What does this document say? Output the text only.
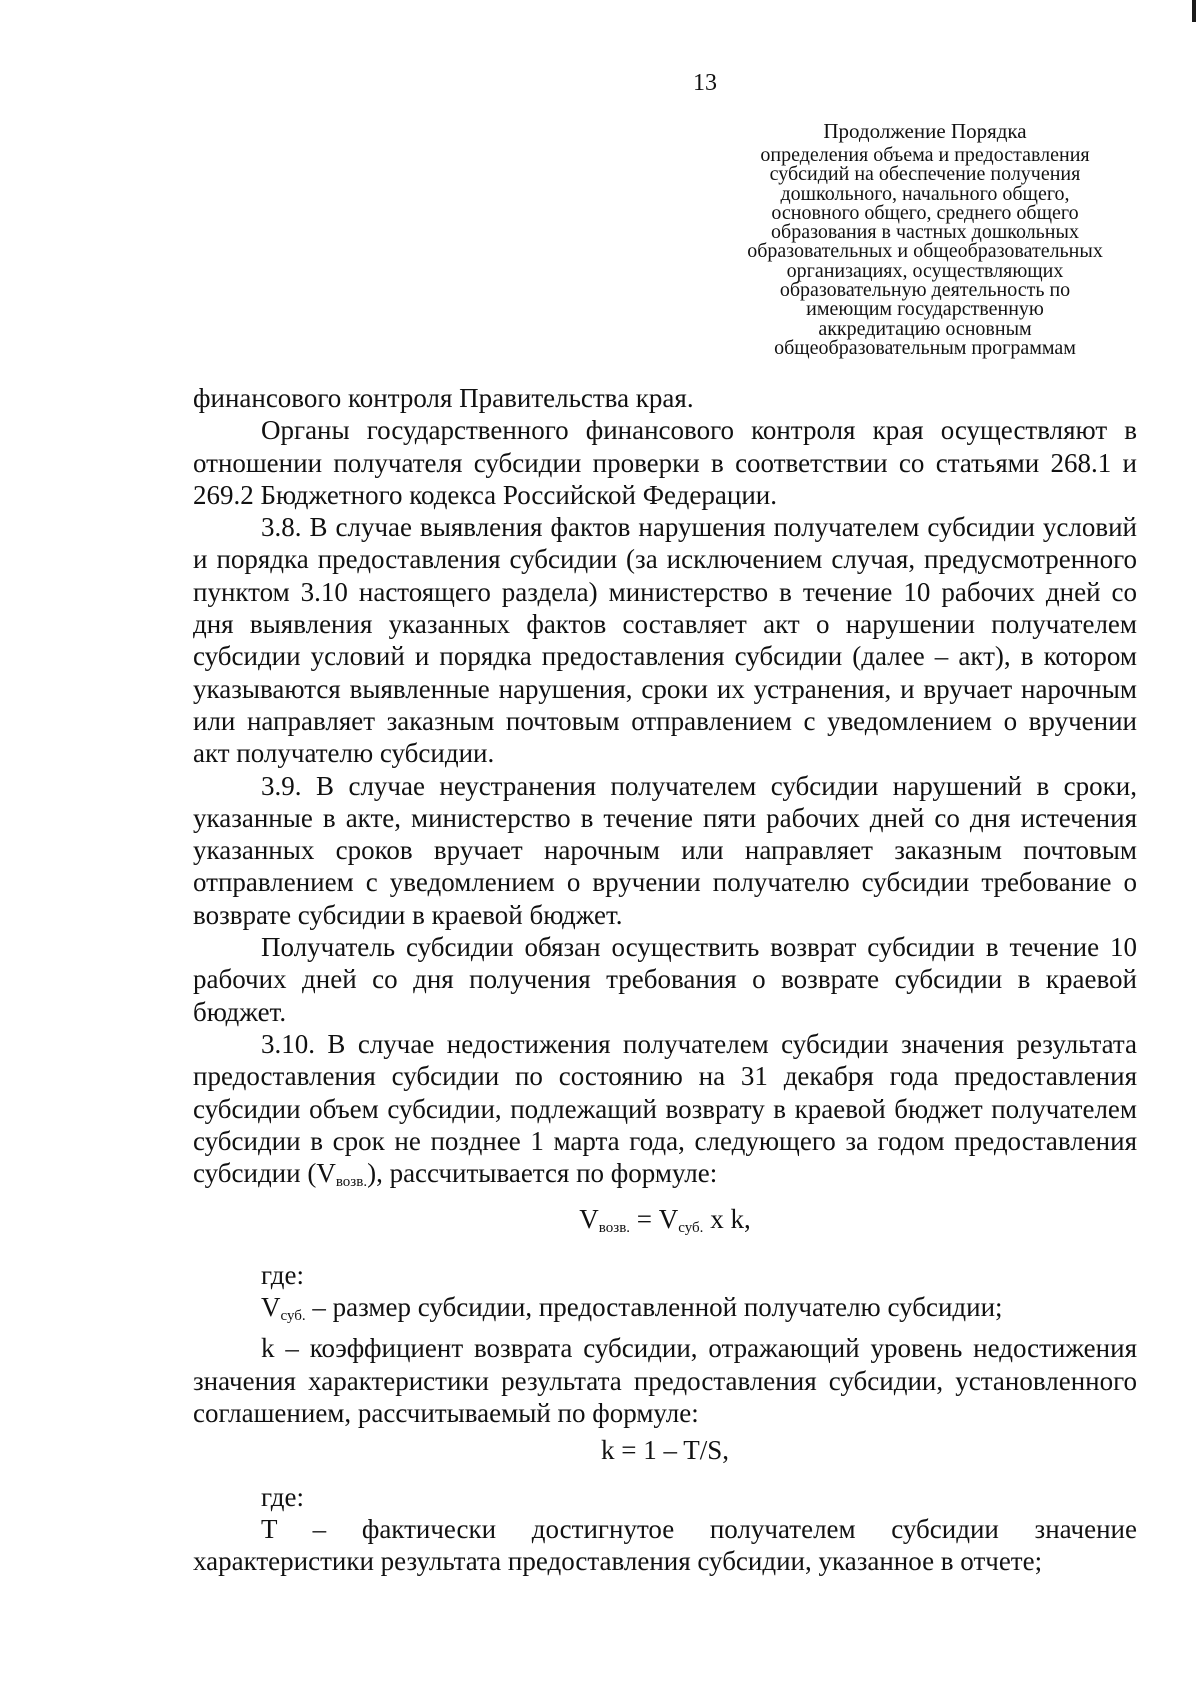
13
Продолжение Порядка
определения объема и предоставления
субсидий на обеспечение получения
дошкольного, начального общего,
основного общего, среднего общего
образования в частных дошкольных
образовательных и общеобразовательных
организациях, осуществляющих
образовательную деятельность по
имеющим государственную
аккредитацию основным
общеобразовательным программам

финансового контроля Правительства края.

Органы государственного финансового контроля края осуществляют в отношении получателя субсидии проверки в соответствии со статьями 268.1 и 269.2 Бюджетного кодекса Российской Федерации.

3.8. В случае выявления фактов нарушения получателем субсидии условий и порядка предоставления субсидии (за исключением случая, предусмотренного пунктом 3.10 настоящего раздела) министерство в течение 10 рабочих дней со дня выявления указанных фактов составляет акт о нарушении получателем субсидии условий и порядка предоставления субсидии (далее – акт), в котором указываются выявленные нарушения, сроки их устранения, и вручает нарочным или направляет заказным почтовым отправлением с уведомлением о вручении акт получателю субсидии.

3.9. В случае неустранения получателем субсидии нарушений в сроки, указанные в акте, министерство в течение пяти рабочих дней со дня истечения указанных сроков вручает нарочным или направляет заказным почтовым отправлением с уведомлением о вручении получателю субсидии требование о возврате субсидии в краевой бюджет.

Получатель субсидии обязан осуществить возврат субсидии в течение 10 рабочих дней со дня получения требования о возврате субсидии в краевой бюджет.

3.10. В случае недостижения получателем субсидии значения результата предоставления субсидии по состоянию на 31 декабря года предоставления субсидии объем субсидии, подлежащий возврату в краевой бюджет получателем субсидии в срок не позднее 1 марта года, следующего за годом предоставления субсидии $(V_{возв.})$, рассчитывается по формуле:

$V_{возв.} = V_{суб.}$ x k,

где:

$V_{суб.}$ – размер субсидии, предоставленной получателю субсидии;

k – коэффициент возврата субсидии, отражающий уровень недостижения значения характеристики результата предоставления субсидии, установленного соглашением, рассчитываемый по формуле:

k = 1 – T/S,

где:

T – фактически достигнутое получателем субсидии значение характеристики результата предоставления субсидии, указанное в отчете;
